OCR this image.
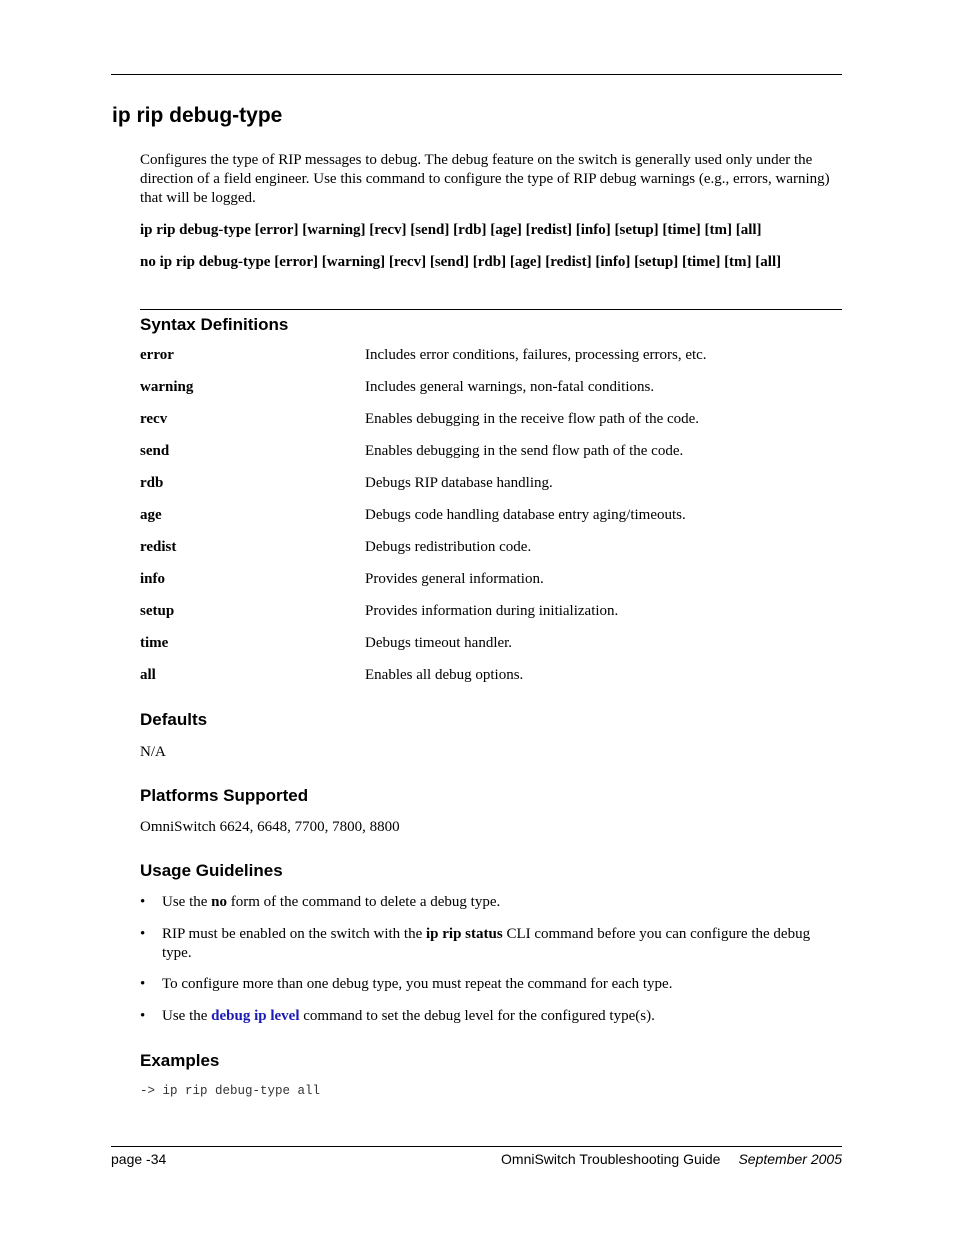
ip rip debug-type
Configures the type of RIP messages to debug. The debug feature on the switch is generally used only under the direction of a field engineer. Use this command to configure the type of RIP debug warnings (e.g., errors, warning) that will be logged.
ip rip debug-type [error] [warning] [recv] [send] [rdb] [age] [redist] [info] [setup] [time] [tm] [all]
no ip rip debug-type [error] [warning] [recv] [send] [rdb] [age] [redist] [info] [setup] [time] [tm] [all]
Syntax Definitions
error	Includes error conditions, failures, processing errors, etc.
warning	Includes general warnings, non-fatal conditions.
recv	Enables debugging in the receive flow path of the code.
send	Enables debugging in the send flow path of the code.
rdb	Debugs RIP database handling.
age	Debugs code handling database entry aging/timeouts.
redist	Debugs redistribution code.
info	Provides general information.
setup	Provides information during initialization.
time	Debugs timeout handler.
all	Enables all debug options.
Defaults
N/A
Platforms Supported
OmniSwitch 6624, 6648, 7700, 7800, 8800
Usage Guidelines
• Use the no form of the command to delete a debug type.
• RIP must be enabled on the switch with the ip rip status CLI command before you can configure the debug type.
• To configure more than one debug type, you must repeat the command for each type.
• Use the debug ip level command to set the debug level for the configured type(s).
Examples
-> ip rip debug-type all
page -34	OmniSwitch Troubleshooting Guide September 2005
